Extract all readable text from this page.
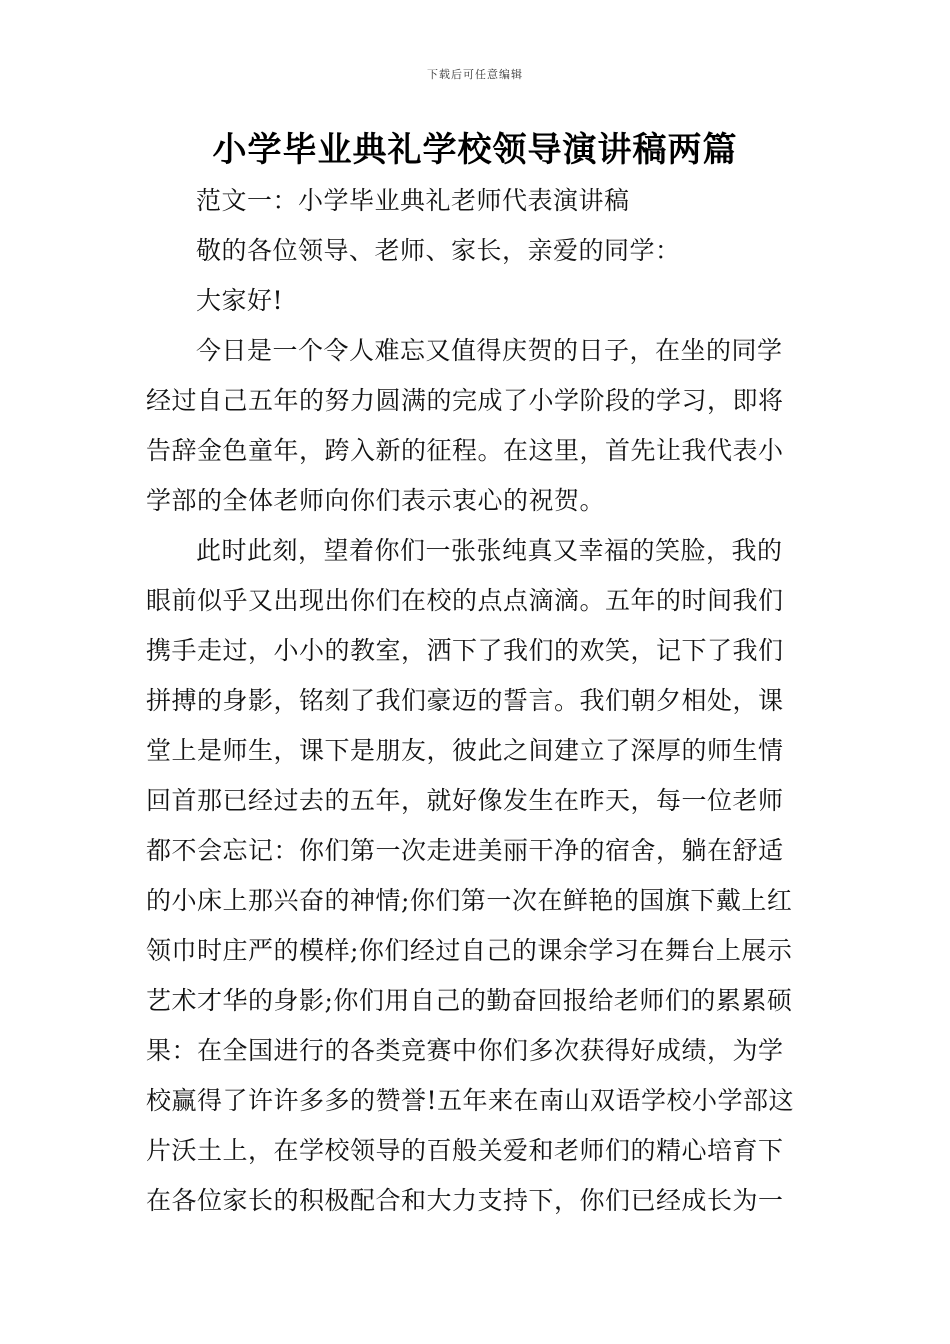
下载后可任意编辑
小学毕业典礼学校领导演讲稿两篇
范文一：小学毕业典礼老师代表演讲稿
敬的各位领导、老师、家长，亲爱的同学：
大家好!
今日是一个令人难忘又值得庆贺的日子，在坐的同学
经过自己五年的努力圆满的完成了小学阶段的学习，即将
告辞金色童年，跨入新的征程。在这里，首先让我代表小
学部的全体老师向你们表示衷心的祝贺。
此时此刻，望着你们一张张纯真又幸福的笑脸，我的
眼前似乎又出现出你们在校的点点滴滴。五年的时间我们
携手走过，小小的教室，洒下了我们的欢笑，记下了我们
拼搏的身影，铭刻了我们豪迈的誓言。我们朝夕相处，课
堂上是师生，课下是朋友，彼此之间建立了深厚的师生情
回首那已经过去的五年，就好像发生在昨天，每一位老师
都不会忘记：你们第一次走进美丽干净的宿舍，躺在舒适
的小床上那兴奋的神情;你们第一次在鲜艳的国旗下戴上红
领巾时庄严的模样;你们经过自己的课余学习在舞台上展示
艺术才华的身影;你们用自己的勤奋回报给老师们的累累硕
果：在全国进行的各类竞赛中你们多次获得好成绩，为学
校赢得了许许多多的赞誉!五年来在南山双语学校小学部这
片沃土上，在学校领导的百般关爱和老师们的精心培育下
在各位家长的积极配合和大力支持下，你们已经成长为一
